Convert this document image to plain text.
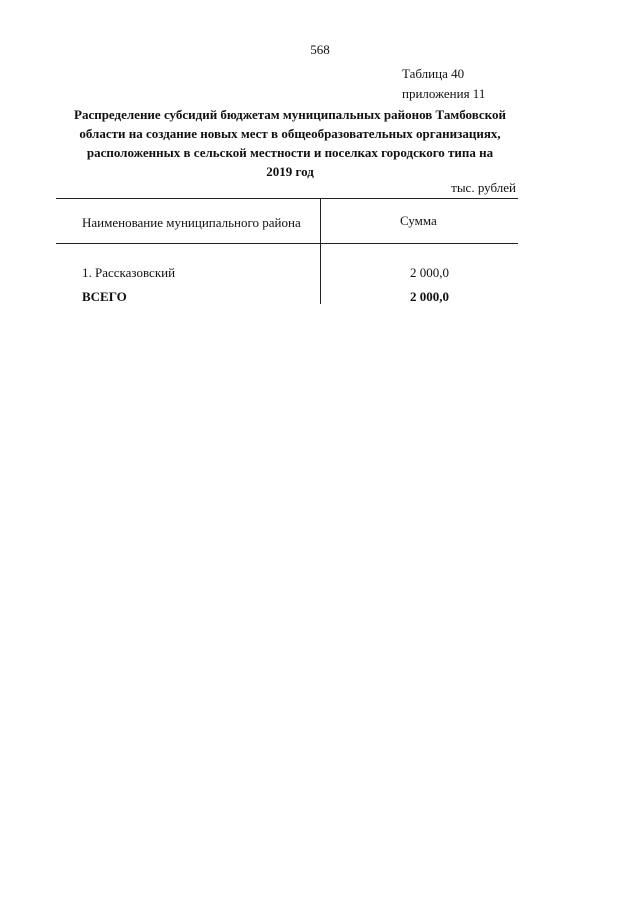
568
Таблица 40
приложения 11
Распределение субсидий бюджетам муниципальных районов Тамбовской
области на создание новых мест в общеобразовательных организациях,
расположенных в сельской местности и поселках городского типа на
2019 год
тыс. рублей
Наименование муниципального района	Сумма
1. Рассказовский	2 000,0
ВСЕГО	2 000,0
